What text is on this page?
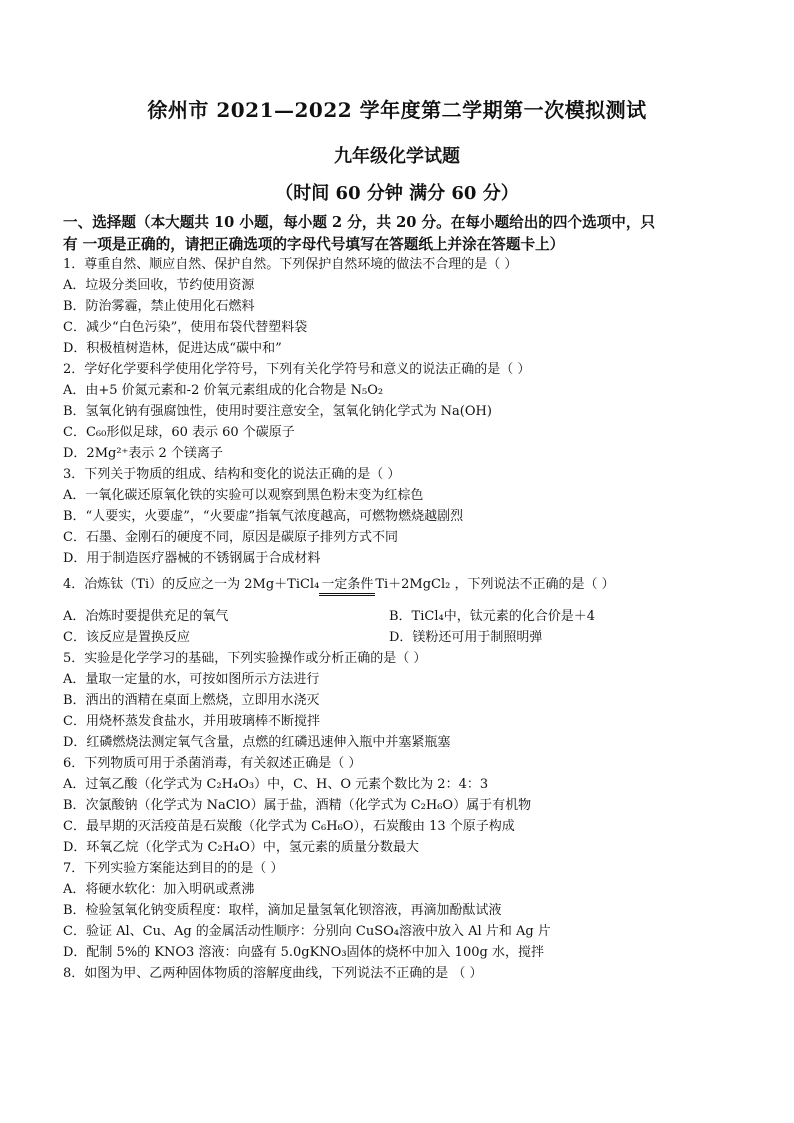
徐州市 2021—2022 学年度第二学期第一次模拟测试
九年级化学试题
（时间 60 分钟 满分 60 分）
一、选择题（本大题共 10 小题，每小题 2 分，共 20 分。在每小题给出的四个选项中，只
有 一项是正确的，请把正确选项的字母代号填写在答题纸上并涂在答题卡上）
1．尊重自然、顺应自然、保护自然。下列保护自然环境的做法不合理的是（ ）
A．垃圾分类回收，节约使用资源
B．防治雾霾，禁止使用化石燃料
C．减少“白色污染”，使用布袋代替塑料袋
D．积极植树造林，促进达成“碳中和”
2．学好化学要科学使用化学符号，下列有关化学符号和意义的说法正确的是（ ）
A．由+5 价氮元素和-2 价氧元素组成的化合物是 N₅O₂
B．氢氧化钠有强腐蚀性，使用时要注意安全，氢氧化钠化学式为 Na(OH)
C．C₆₀形似足球，60 表示 60 个碳原子
D．2Mg²⁺表示 2 个镁离子
3．下列关于物质的组成、结构和变化的说法正确的是（ ）
A．一氧化碳还原氧化铁的实验可以观察到黑色粉末变为红棕色
B．“人要实，火要虚”，“火要虚”指氧气浓度越高，可燃物燃烧越剧烈
C．石墨、金刚石的硬度不同，原因是碳原子排列方式不同
D．用于制造医疗器械的不锈钢属于合成材料
4．冶炼钛（Ti）的反应之一为 2Mg＋TiCl₄ 一定条件 Ti＋2MgCl₂ ，下列说法不正确的是（ ）
A．冶炼时要提供充足的氧气	B．TiCl₄中，钛元素的化合价是＋4
C．该反应是置换反应	D．镁粉还可用于制照明弹
5．实验是化学学习的基础，下列实验操作或分析正确的是（ ）
A．量取一定量的水，可按如图所示方法进行
B．洒出的酒精在桌面上燃烧，立即用水浇灭
C．用烧杯蒸发食盐水，并用玻璃棒不断搅拌
D．红磷燃烧法测定氧气含量，点燃的红磷迅速伸入瓶中并塞紧瓶塞
6．下列物质可用于杀菌消毒，有关叙述正确是（ ）
A．过氧乙酸（化学式为 C₂H₄O₃）中，C、H、O 元素个数比为 2：4：3
B．次氯酸钠（化学式为 NaClO）属于盐，酒精（化学式为 C₂H₆O）属于有机物
C．最早期的灭活疫苗是石炭酸（化学式为 C₆H₆O），石炭酸由 13 个原子构成
D．环氧乙烷（化学式为 C₂H₄O）中，氢元素的质量分数最大
7．下列实验方案能达到目的的是（ ）
A．将硬水软化：加入明矾或煮沸
B．检验氢氧化钠变质程度：取样，滴加足量氢氧化钡溶液，再滴加酚酞试液
C．验证 Al、Cu、Ag 的金属活动性顺序：分别向 CuSO₄溶液中放入 Al 片和 Ag 片
D．配制 5%的 KNO3 溶液：向盛有 5.0gKNO₃固体的烧杯中加入 100g 水，搅拌
8．如图为甲、乙两种固体物质的溶解度曲线，下列说法不正确的是 （ ）
